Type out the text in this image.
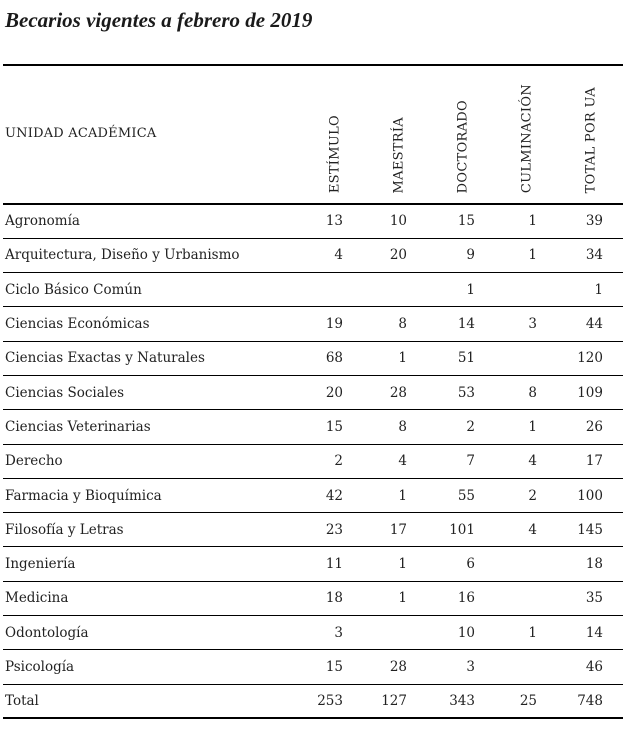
Becarios vigentes a febrero de 2019
UNIDAD ACADÉMICA	ESTÍMULO	MAESTRÍA	DOCTORADO	CULMINACIÓN	TOTAL POR UA

Agronomía	13	10	15	1	39
Arquitectura, Diseño y Urbanismo	4	20	9	1	34
Ciclo Básico Común			1		1
Ciencias Económicas	19	8	14	3	44
Ciencias Exactas y Naturales	68	1	51		120
Ciencias Sociales	20	28	53	8	109
Ciencias Veterinarias	15	8	2	1	26
Derecho	2	4	7	4	17
Farmacia y Bioquímica	42	1	55	2	100
Filosofía y Letras	23	17	101	4	145
Ingeniería	11	1	6		18
Medicina	18	1	16		35
Odontología	3		10	1	14
Psicología	15	28	3		46
Total	253	127	343	25	748
